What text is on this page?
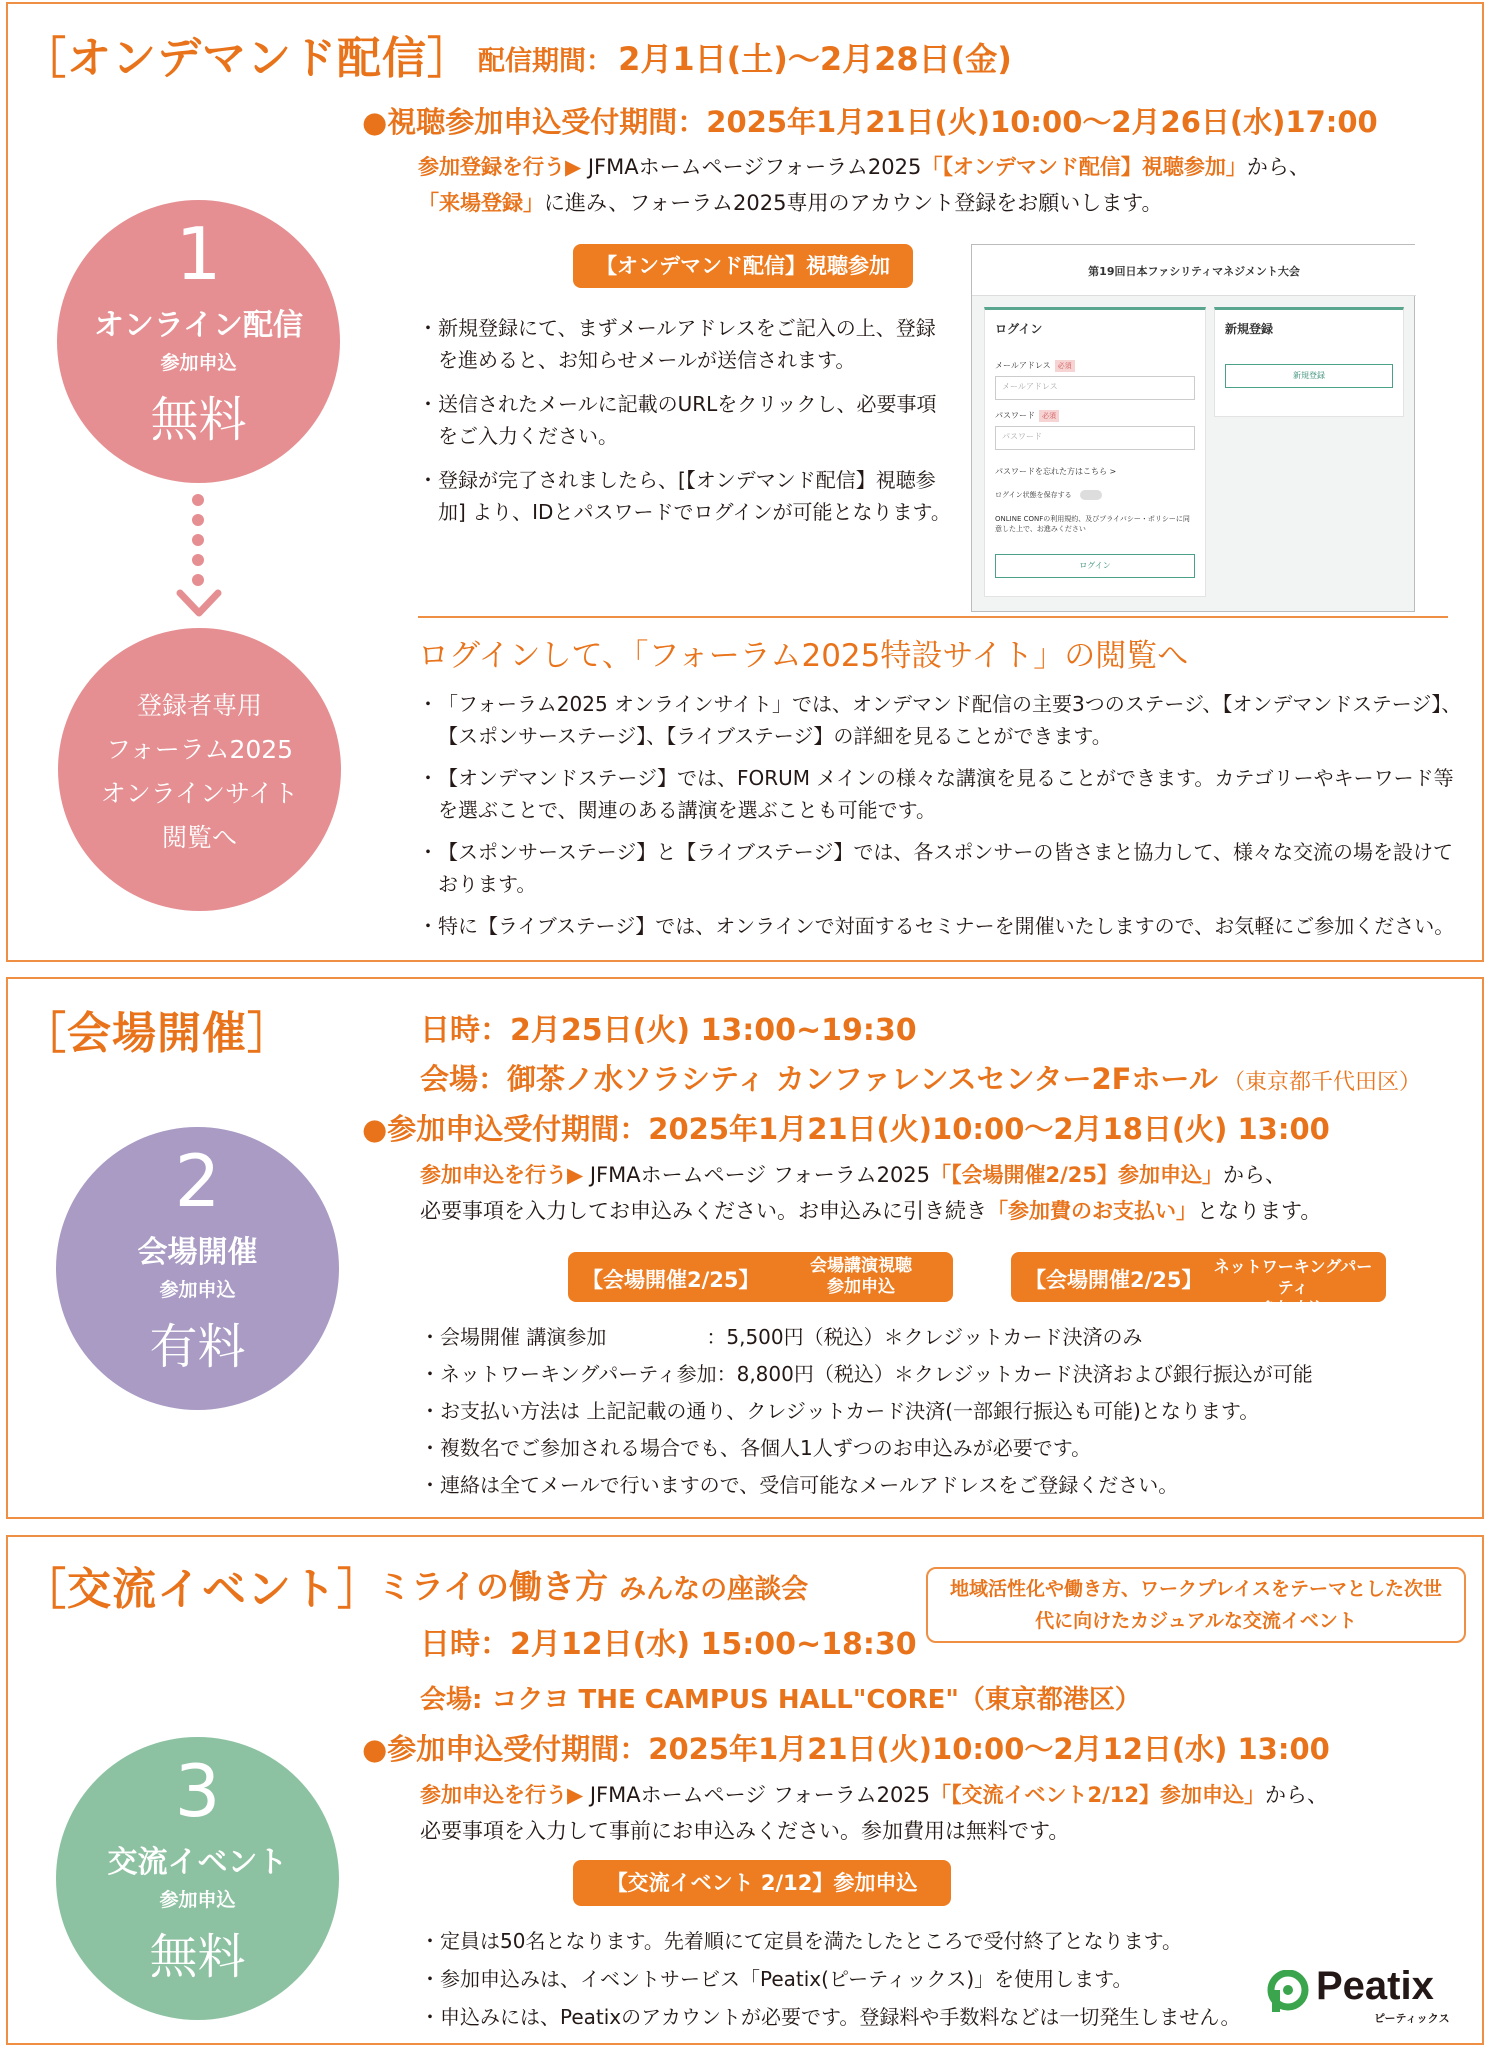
［オンデマンド配信］ 配信期間： 2月1日(土)～2月28日(金)
●視聴参加申込受付期間：2025年1月21日(火)10:00～2月26日(水)17:00
参加登録を行う▶ JFMAホームページフォーラム2025「【オンデマンド配信】視聴参加」から、
「来場登録」に進み、フォーラム2025専用のアカウント登録をお願いします。
【オンデマンド配信】視聴参加
・ 新規登録にて、まずメールアドレスをご記入の上、登録を進めると、お知らせメールが送信されます。
・ 送信されたメールに記載のURLをクリックし、必要事項をご入力ください。
・ 登録が完了されましたら、[【オンデマンド配信】視聴参加] より、IDとパスワードでログインが可能となります。
第19回日本ファシリティマネジメント大会
ログイン
メールアドレス 必須
メールアドレス
パスワード 必須
パスワード
パスワードを忘れた方はこちら >
ログイン状態を保存する
ONLINE CONFの利用規約、及びプライバシー・ポリシーに同意した上で、お進みください
ログイン
新規登録
新規登録
1
オンライン配信
参加申込
無料
登録者専用
フォーラム2025
オンラインサイト
閲覧へ
ログインして、「フォーラム2025特設サイト」の閲覧へ
・ 「フォーラム2025 オンラインサイト」では、オンデマンド配信の主要3つのステージ、【オンデマンドステージ】、【スポンサーステージ】、【ライブステージ】の詳細を見ることができます。
・ 【オンデマンドステージ】では、FORUM メインの様々な講演を見ることができます。カテゴリーやキーワード等を選ぶことで、関連のある講演を選ぶことも可能です。
・ 【スポンサーステージ】と【ライブステージ】では、各スポンサーの皆さまと協力して、様々な交流の場を設けております。
・ 特に【ライブステージ】では、オンラインで対面するセミナーを開催いたしますので、お気軽にご参加ください。
［会場開催］	日時：2月25日(火) 13:00~19:30
会場：御茶ノ水ソラシティ カンファレンスセンター2Fホール （東京都千代田区）
●参加申込受付期間：2025年1月21日(火)10:00～2月18日(火) 13:00
参加申込を行う▶ JFMAホームページ フォーラム2025「【会場開催2/25】参加申込」から、
必要事項を入力してお申込みください。お申込みに引き続き「参加費のお支払い」となります。
【会場開催2/25】
会場講演視聴
参加申込	【会場開催2/25】
ネットワーキングパーティ
参加申込
・ 会場開催 講演参加　　　　　：5,500円（税込）＊クレジットカード決済のみ
・ ネットワーキングパーティ参加：8,800円（税込）＊クレジットカード決済および銀行振込が可能
・ お支払い方法は 上記記載の通り、クレジットカード決済(一部銀行振込も可能)となります。
・ 複数名でご参加される場合でも、各個人1人ずつのお申込みが必要です。
・ 連絡は全てメールで行いますので、受信可能なメールアドレスをご登録ください。
2
会場開催
参加申込
有料
［交流イベント］
ミライの働き方 みんなの座談会	地域活性化や働き方、ワークプレイスをテーマとした次世代に向けたカジュアルな交流イベント
日時：2月12日(水) 15:00~18:30
会場: コクヨ THE CAMPUS HALL"CORE"（東京都港区）
●参加申込受付期間：2025年1月21日(火)10:00～2月12日(水) 13:00
参加申込を行う▶ JFMAホームページ フォーラム2025「【交流イベント2/12】参加申込」から、
必要事項を入力して事前にお申込みください。参加費用は無料です。
【交流イベント 2/12】参加申込
・ 定員は50名となります。先着順にて定員を満たしたところで受付終了となります。
・ 参加申込みは、イベントサービス「Peatix(ピーティックス)」を使用します。
・ 申込みには、Peatixのアカウントが必要です。登録料や手数料などは一切発生しません。
Peatix
ピーティックス
3
交流イベント
参加申込
無料
